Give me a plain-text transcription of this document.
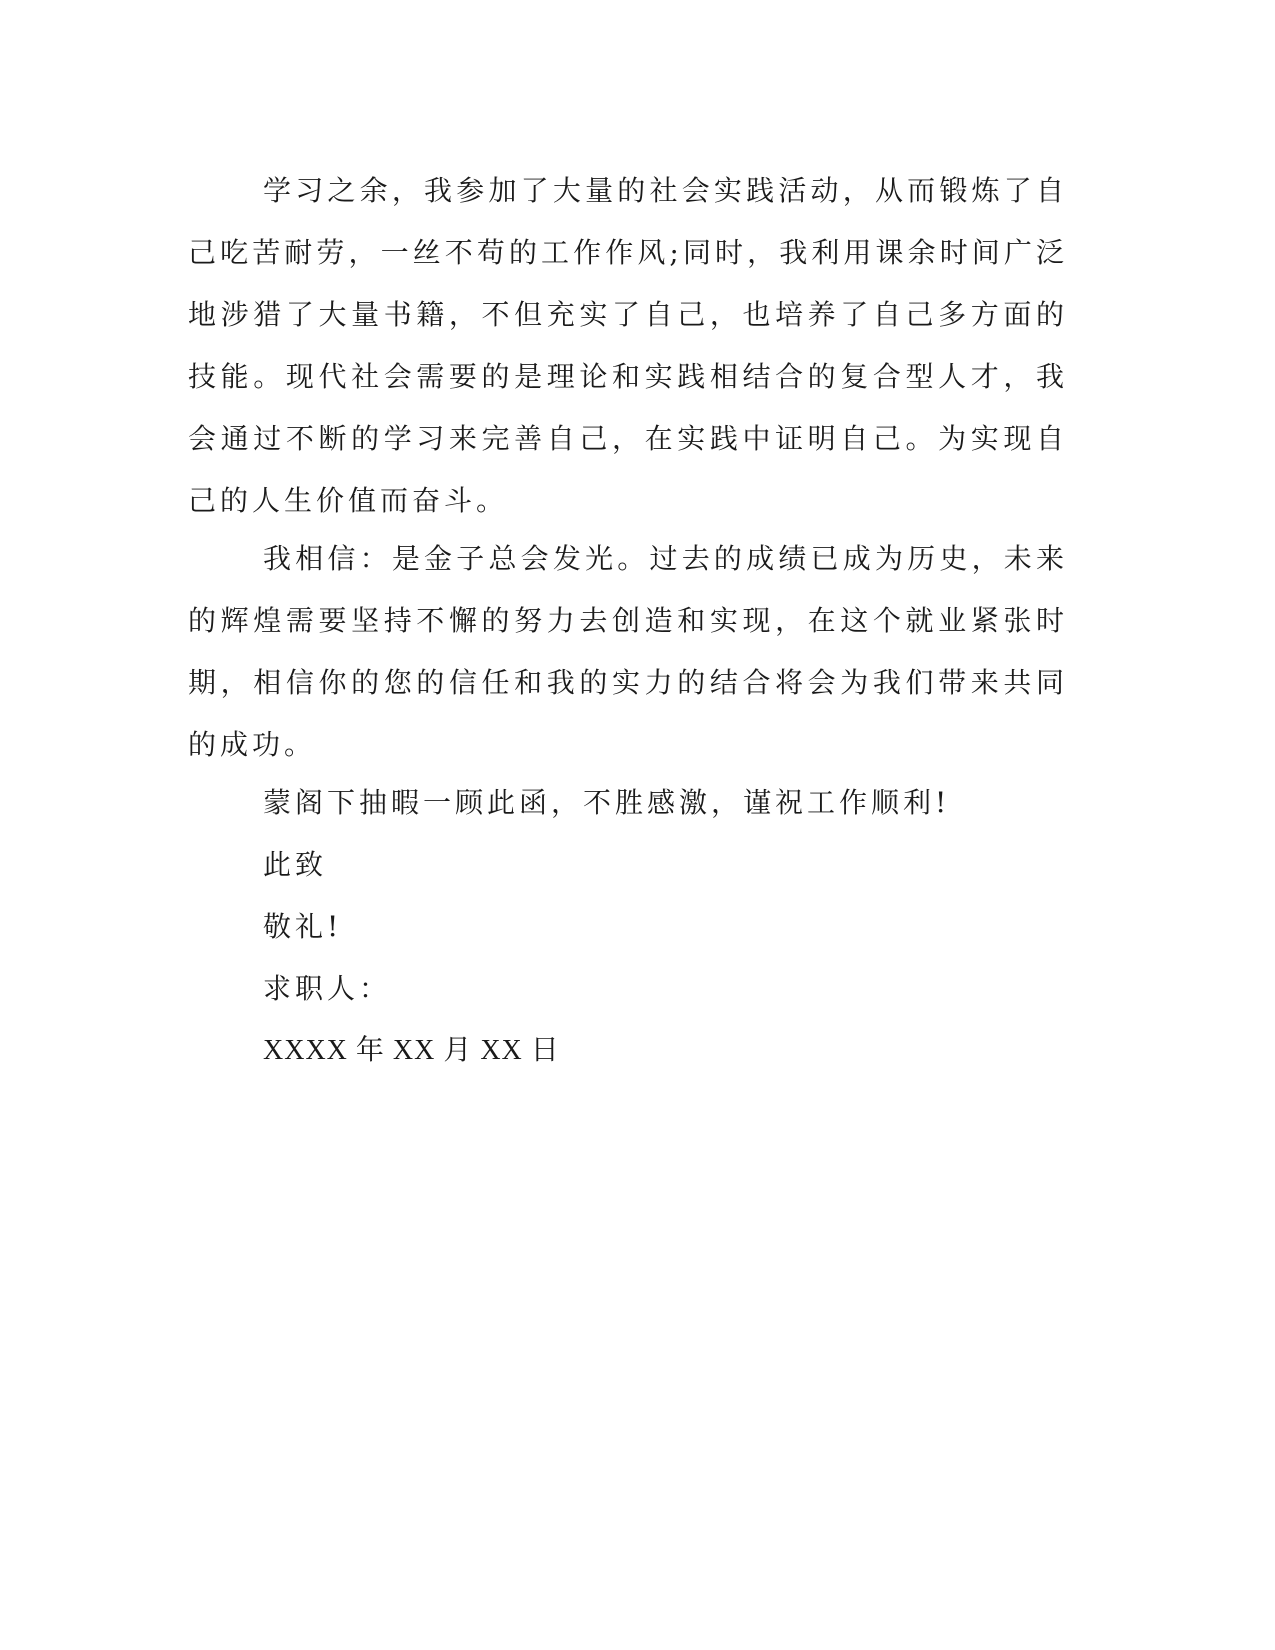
学习之余，我参加了大量的社会实践活动，从而锻炼了自己吃苦耐劳，一丝不苟的工作作风;同时，我利用课余时间广泛地涉猎了大量书籍，不但充实了自己，也培养了自己多方面的技能。现代社会需要的是理论和实践相结合的复合型人才，我会通过不断的学习来完善自己，在实践中证明自己。为实现自己的人生价值而奋斗。

我相信：是金子总会发光。过去的成绩已成为历史，未来的辉煌需要坚持不懈的努力去创造和实现，在这个就业紧张时期，相信你的您的信任和我的实力的结合将会为我们带来共同的成功。

蒙阁下抽暇一顾此函，不胜感激，谨祝工作顺利!

此致

敬礼!

求职人：

XXXX 年 XX 月 XX 日
